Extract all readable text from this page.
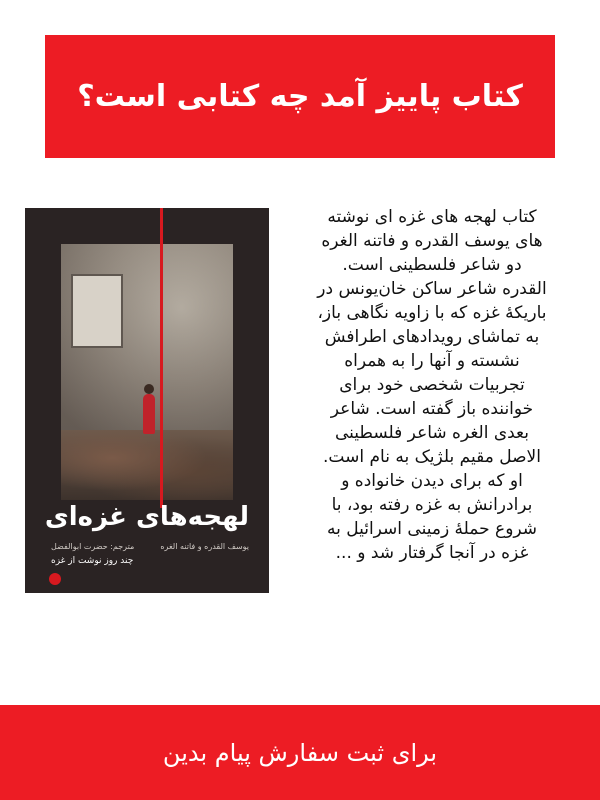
کتاب پاییز آمد چه کتابی است؟
لهجه‌های غزه‌ای
یوسف القدره و فاتنه الغره
مترجم: حضرت ابوالفضل
چند روز نوشت از غزه
کتاب لهجه های غزه ای نوشته
های یوسف القدره و فاتنه الغره
دو شاعر فلسطینی است.
القدره شاعر ساکن خان‌یونس در
باریکهٔ غزه که با زاویه نگاهی باز،
به تماشای رویدادهای اطرافش
نشسته و آنها را به همراه
تجربیات شخصی خود برای
خواننده باز گفته است. شاعر
بعدی الغره شاعر فلسطینی
الاصل مقیم بلژیک به نام است.
او که برای دیدن خانواده و
برادرانش به غزه رفته بود، با
شروع حملهٔ زمینی اسرائیل به
غزه در آنجا گرفتار شد و ...
برای ثبت سفارش پیام بدین
